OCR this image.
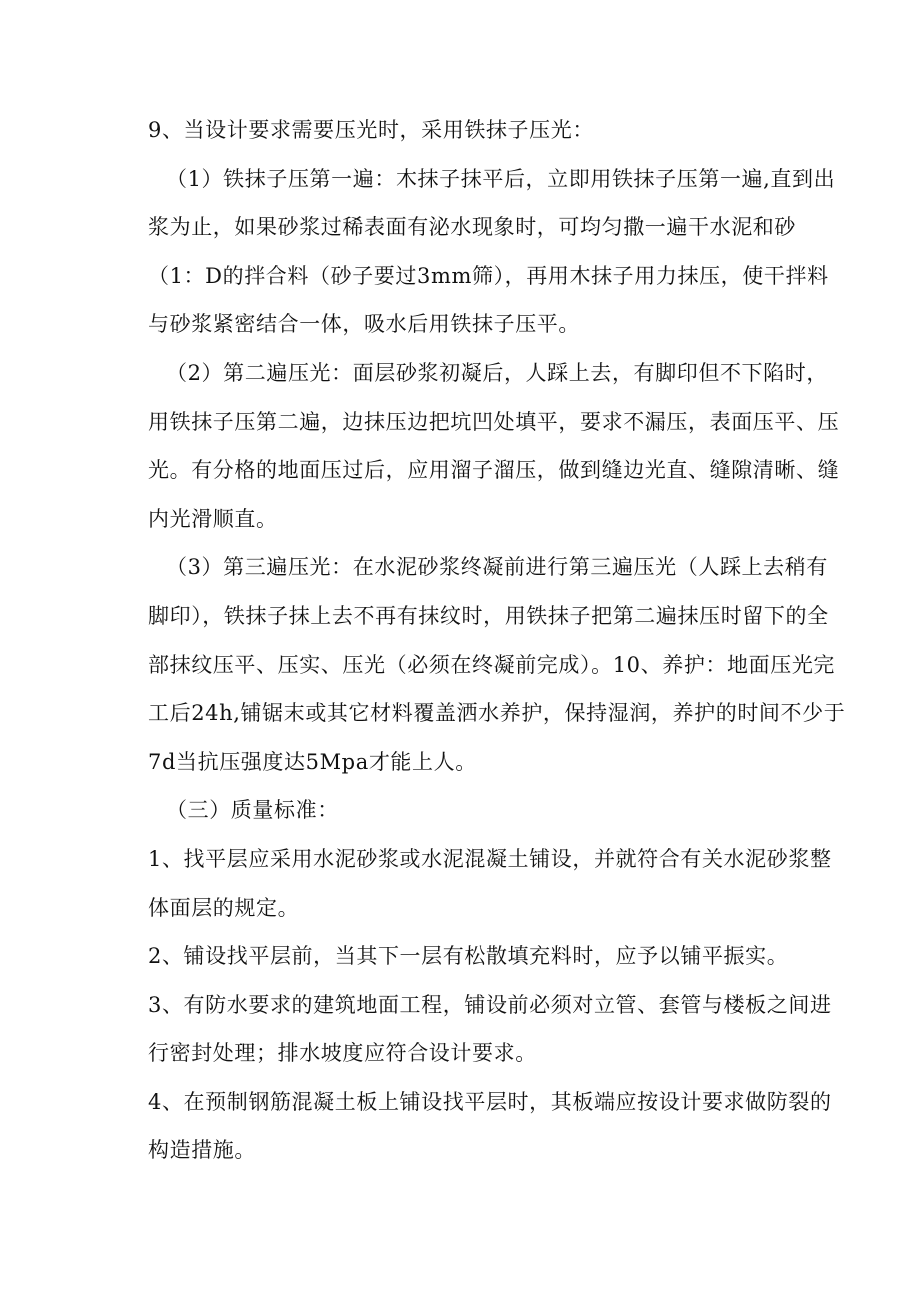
9、当设计要求需要压光时，采用铁抹子压光：

（1）铁抹子压第一遍：木抹子抹平后，立即用铁抹子压第一遍,直到出浆为止，如果砂浆过稀表面有泌水现象时，可均匀撒一遍干水泥和砂（1：D的拌合料（砂子要过3mm筛），再用木抹子用力抹压，使干拌料与砂浆紧密结合一体，吸水后用铁抹子压平。

（2）第二遍压光：面层砂浆初凝后，人踩上去，有脚印但不下陷时，用铁抹子压第二遍，边抹压边把坑凹处填平，要求不漏压，表面压平、压光。有分格的地面压过后，应用溜子溜压，做到缝边光直、缝隙清晰、缝内光滑顺直。

（3）第三遍压光：在水泥砂浆终凝前进行第三遍压光（人踩上去稍有脚印），铁抹子抹上去不再有抹纹时，用铁抹子把第二遍抹压时留下的全部抹纹压平、压实、压光（必须在终凝前完成）。10、养护：地面压光完工后24h,铺锯末或其它材料覆盖洒水养护，保持湿润，养护的时间不少于7d当抗压强度达5Mpa才能上人。

（三）质量标准：

1、找平层应采用水泥砂浆或水泥混凝土铺设，并就符合有关水泥砂浆整体面层的规定。

2、铺设找平层前，当其下一层有松散填充料时，应予以铺平振实。

3、有防水要求的建筑地面工程，铺设前必须对立管、套管与楼板之间进行密封处理；排水坡度应符合设计要求。

4、在预制钢筋混凝土板上铺设找平层时，其板端应按设计要求做防裂的构造措施。
